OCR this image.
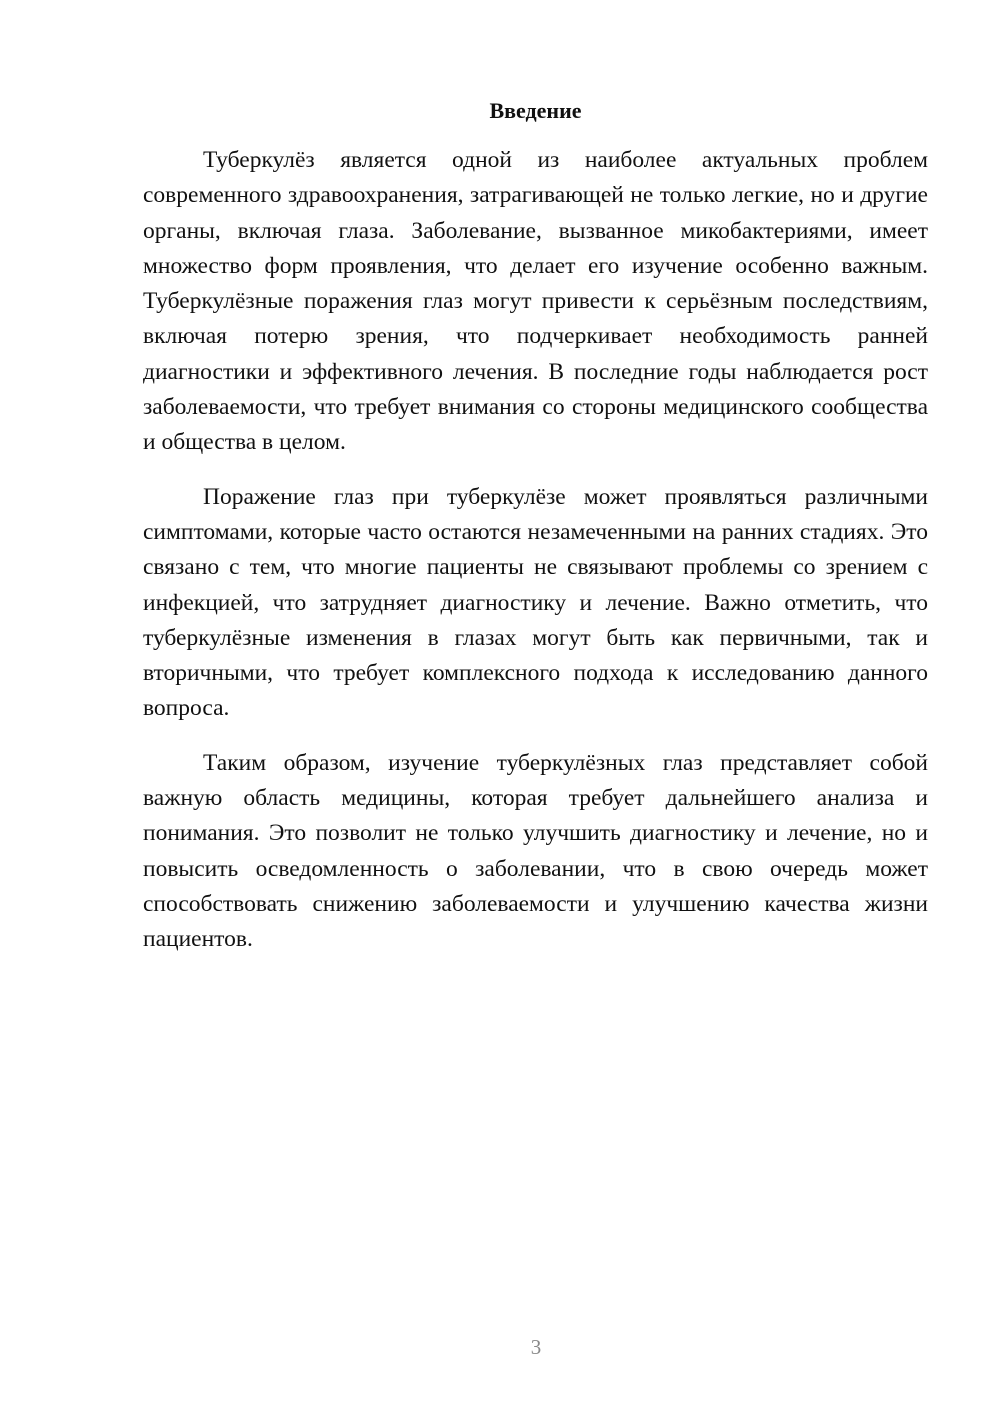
Введение

Туберкулёз является одной из наиболее актуальных проблем современного здравоохранения, затрагивающей не только легкие, но и другие органы, включая глаза. Заболевание, вызванное микобактериями, имеет множество форм проявления, что делает его изучение особенно важным. Туберкулёзные поражения глаз могут привести к серьёзным последствиям, включая потерю зрения, что подчеркивает необходимость ранней диагностики и эффективного лечения. В последние годы наблюдается рост заболеваемости, что требует внимания со стороны медицинского сообщества и общества в целом.

Поражение глаз при туберкулёзе может проявляться различными симптомами, которые часто остаются незамеченными на ранних стадиях. Это связано с тем, что многие пациенты не связывают проблемы со зрением с инфекцией, что затрудняет диагностику и лечение. Важно отметить, что туберкулёзные изменения в глазах могут быть как первичными, так и вторичными, что требует комплексного подхода к исследованию данного вопроса.

Таким образом, изучение туберкулёзных глаз представляет собой важную область медицины, которая требует дальнейшего анализа и понимания. Это позволит не только улучшить диагностику и лечение, но и повысить осведомленность о заболевании, что в свою очередь может способствовать снижению заболеваемости и улучшению качества жизни пациентов.

3
